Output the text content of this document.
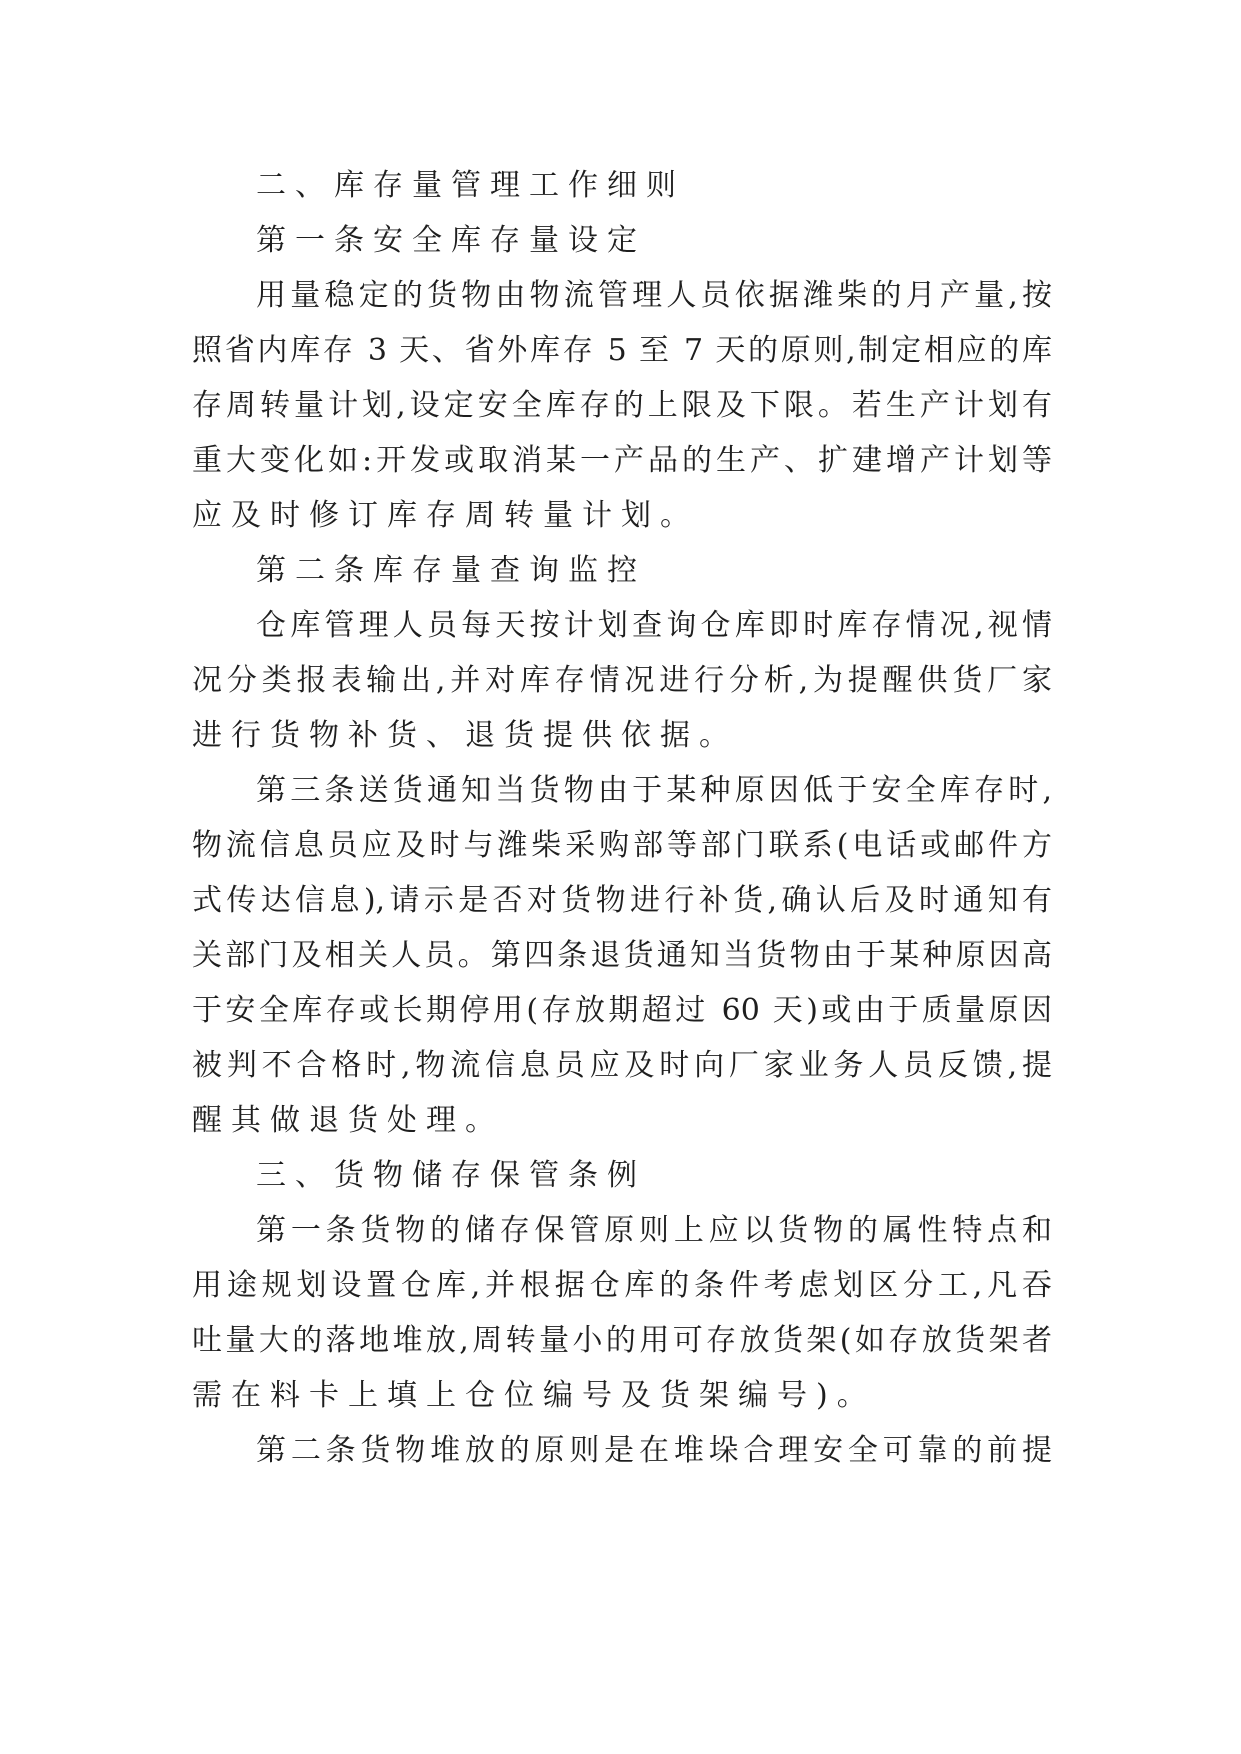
二、库存量管理工作细则
第一条安全库存量设定
用量稳定的货物由物流管理人员依据潍柴的月产量,按
照省内库存 3 天、省外库存 5 至 7 天的原则,制定相应的库
存周转量计划,设定安全库存的上限及下限。若生产计划有
重大变化如:开发或取消某一产品的生产、扩建增产计划等
应及时修订库存周转量计划。
第二条库存量查询监控
仓库管理人员每天按计划查询仓库即时库存情况,视情
况分类报表输出,并对库存情况进行分析,为提醒供货厂家
进行货物补货、退货提供依据。
第三条送货通知当货物由于某种原因低于安全库存时,
物流信息员应及时与潍柴采购部等部门联系(电话或邮件方
式传达信息),请示是否对货物进行补货,确认后及时通知有
关部门及相关人员。第四条退货通知当货物由于某种原因高
于安全库存或长期停用(存放期超过 60 天)或由于质量原因
被判不合格时,物流信息员应及时向厂家业务人员反馈,提
醒其做退货处理。
三、货物储存保管条例
第一条货物的储存保管原则上应以货物的属性特点和
用途规划设置仓库,并根据仓库的条件考虑划区分工,凡吞
吐量大的落地堆放,周转量小的用可存放货架(如存放货架者
需在料卡上填上仓位编号及货架编号)。
第二条货物堆放的原则是在堆垛合理安全可靠的前提
